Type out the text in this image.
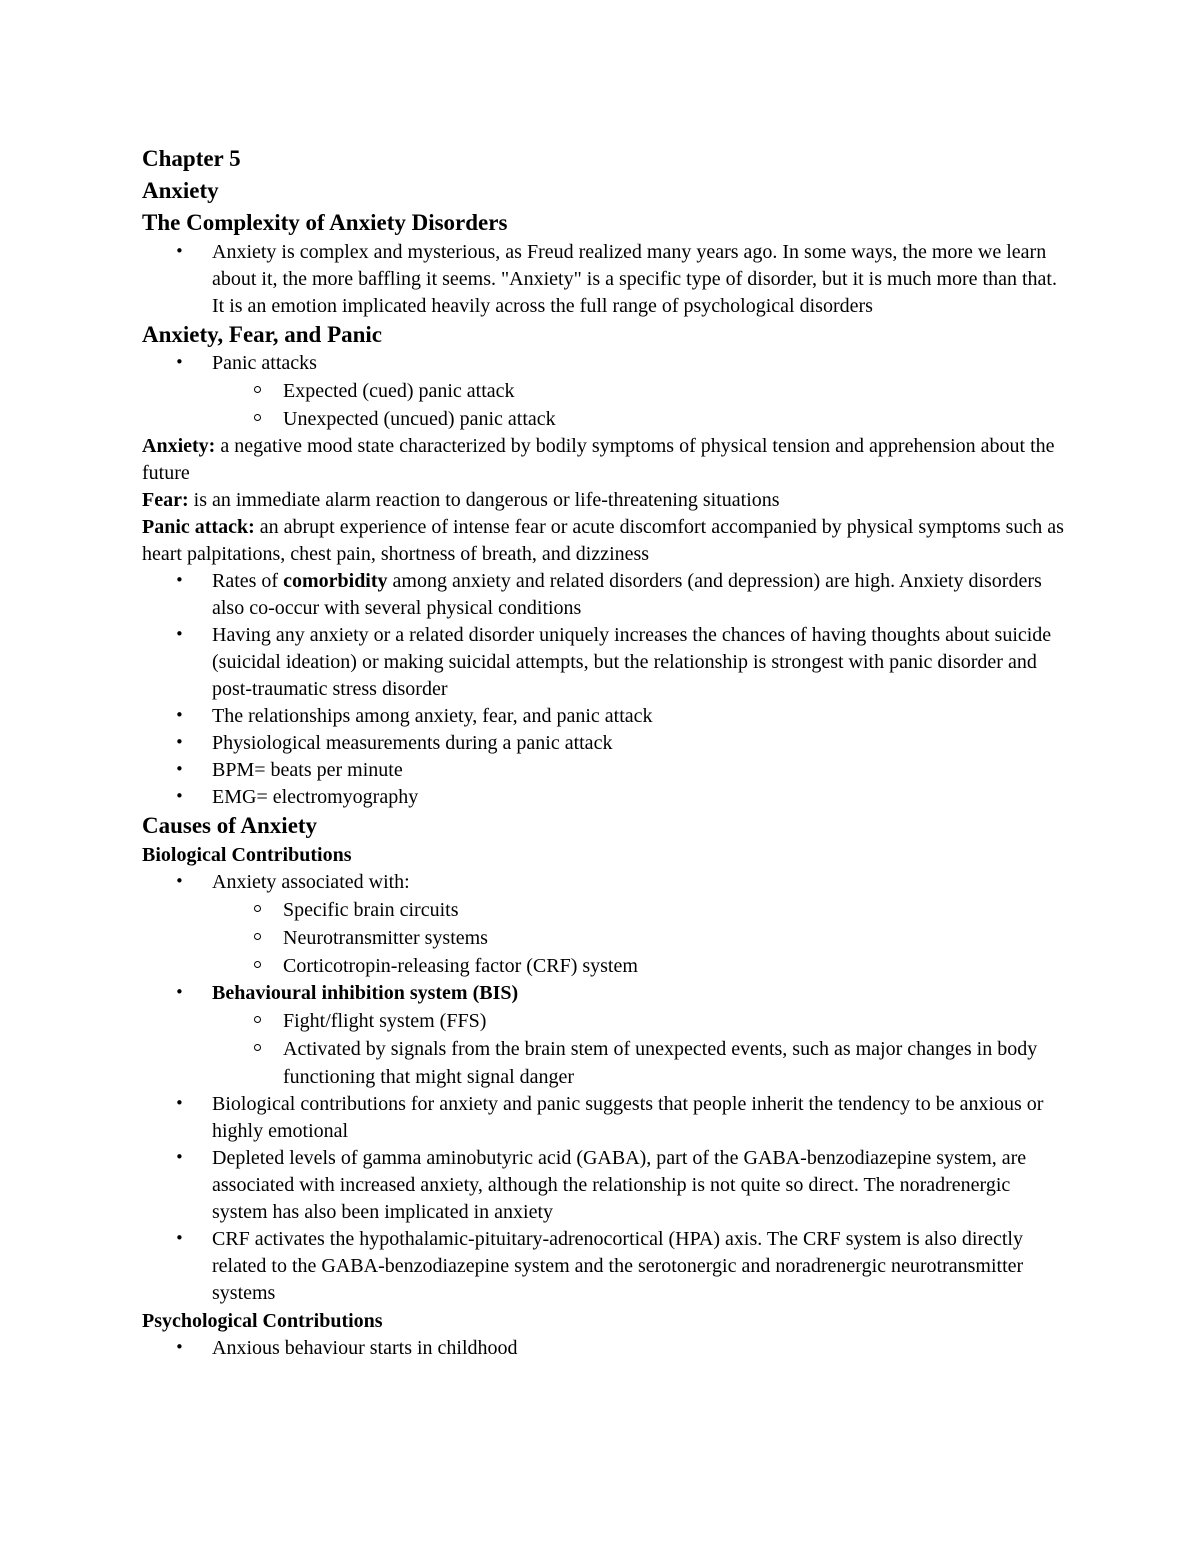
Chapter 5
Anxiety
The Complexity of Anxiety Disorders
• Anxiety is complex and mysterious, as Freud realized many years ago. In some ways, the more we learn about it, the more baffling it seems. "Anxiety" is a specific type of disorder, but it is much more than that. It is an emotion implicated heavily across the full range of psychological disorders
Anxiety, Fear, and Panic
• Panic attacks
Expected (cued) panic attack
Unexpected (uncued) panic attack
Anxiety: a negative mood state characterized by bodily symptoms of physical tension and apprehension about the future
Fear: is an immediate alarm reaction to dangerous or life-threatening situations
Panic attack: an abrupt experience of intense fear or acute discomfort accompanied by physical symptoms such as heart palpitations, chest pain, shortness of breath, and dizziness
• Rates of comorbidity among anxiety and related disorders (and depression) are high. Anxiety disorders also co-occur with several physical conditions
• Having any anxiety or a related disorder uniquely increases the chances of having thoughts about suicide (suicidal ideation) or making suicidal attempts, but the relationship is strongest with panic disorder and post-traumatic stress disorder
• The relationships among anxiety, fear, and panic attack
• Physiological measurements during a panic attack
• BPM= beats per minute
• EMG= electromyography
Causes of Anxiety
Biological Contributions
• Anxiety associated with:
Specific brain circuits
Neurotransmitter systems
Corticotropin-releasing factor (CRF) system
• Behavioural inhibition system (BIS)
Fight/flight system (FFS)
Activated by signals from the brain stem of unexpected events, such as major changes in body functioning that might signal danger
• Biological contributions for anxiety and panic suggests that people inherit the tendency to be anxious or highly emotional
• Depleted levels of gamma aminobutyric acid (GABA), part of the GABA-benzodiazepine system, are associated with increased anxiety, although the relationship is not quite so direct. The noradrenergic system has also been implicated in anxiety
• CRF activates the hypothalamic-pituitary-adrenocortical (HPA) axis. The CRF system is also directly related to the GABA-benzodiazepine system and the serotonergic and noradrenergic neurotransmitter systems
Psychological Contributions
• Anxious behaviour starts in childhood
